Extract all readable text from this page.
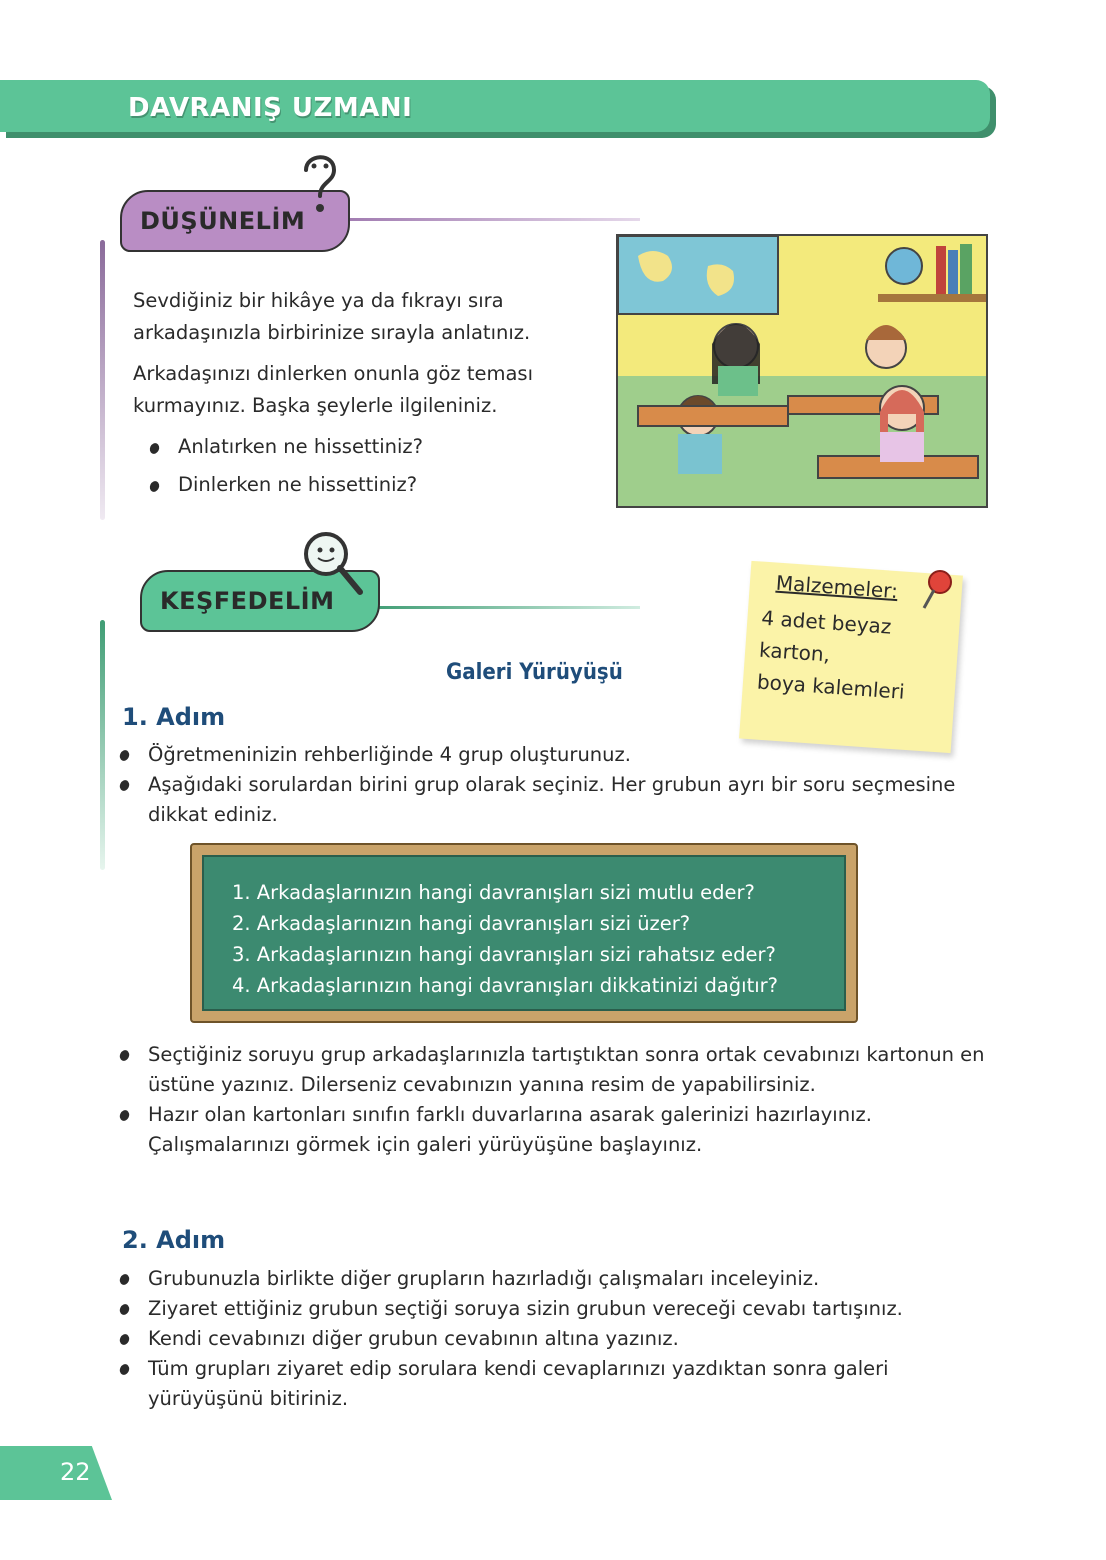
DAVRANIŞ UZMANI
DÜŞÜNELİM
Sevdiğiniz bir hikâye ya da fıkrayı sıra arkadaşınızla birbirinize sırayla anlatınız.
Arkadaşınızı dinlerken onunla göz teması kurmayınız. Başka şeylerle ilgileniniz.
Anlatırken ne hissettiniz?
Dinlerken ne hissettiniz?
KEŞFEDELİM	Malzemeler:
4 adet beyaz
karton,
boya kalemleri
Galeri Yürüyüşü
1. Adım
Öğretmeninizin rehberliğinde 4 grup oluşturunuz.
Aşağıdaki sorulardan birini grup olarak seçiniz. Her grubun ayrı bir soru seçmesine dikkat ediniz.
1. Arkadaşlarınızın hangi davranışları sizi mutlu eder?
2. Arkadaşlarınızın hangi davranışları sizi üzer?
3. Arkadaşlarınızın hangi davranışları sizi rahatsız eder?
4. Arkadaşlarınızın hangi davranışları dikkatinizi dağıtır?
Seçtiğiniz soruyu grup arkadaşlarınızla tartıştıktan sonra ortak cevabınızı kartonun en üstüne yazınız. Dilerseniz cevabınızın yanına resim de yapabilirsiniz.
Hazır olan kartonları sınıfın farklı duvarlarına asarak galerinizi hazırlayınız. Çalışmalarınızı görmek için galeri yürüyüşüne başlayınız.
2. Adım
Grubunuzla birlikte diğer grupların hazırladığı çalışmaları inceleyiniz.
Ziyaret ettiğiniz grubun seçtiği soruya sizin grubun vereceği cevabı tartışınız.
Kendi cevabınızı diğer grubun cevabının altına yazınız.
Tüm grupları ziyaret edip sorulara kendi cevaplarınızı yazdıktan sonra galeri yürüyüşünü bitiriniz.
22
